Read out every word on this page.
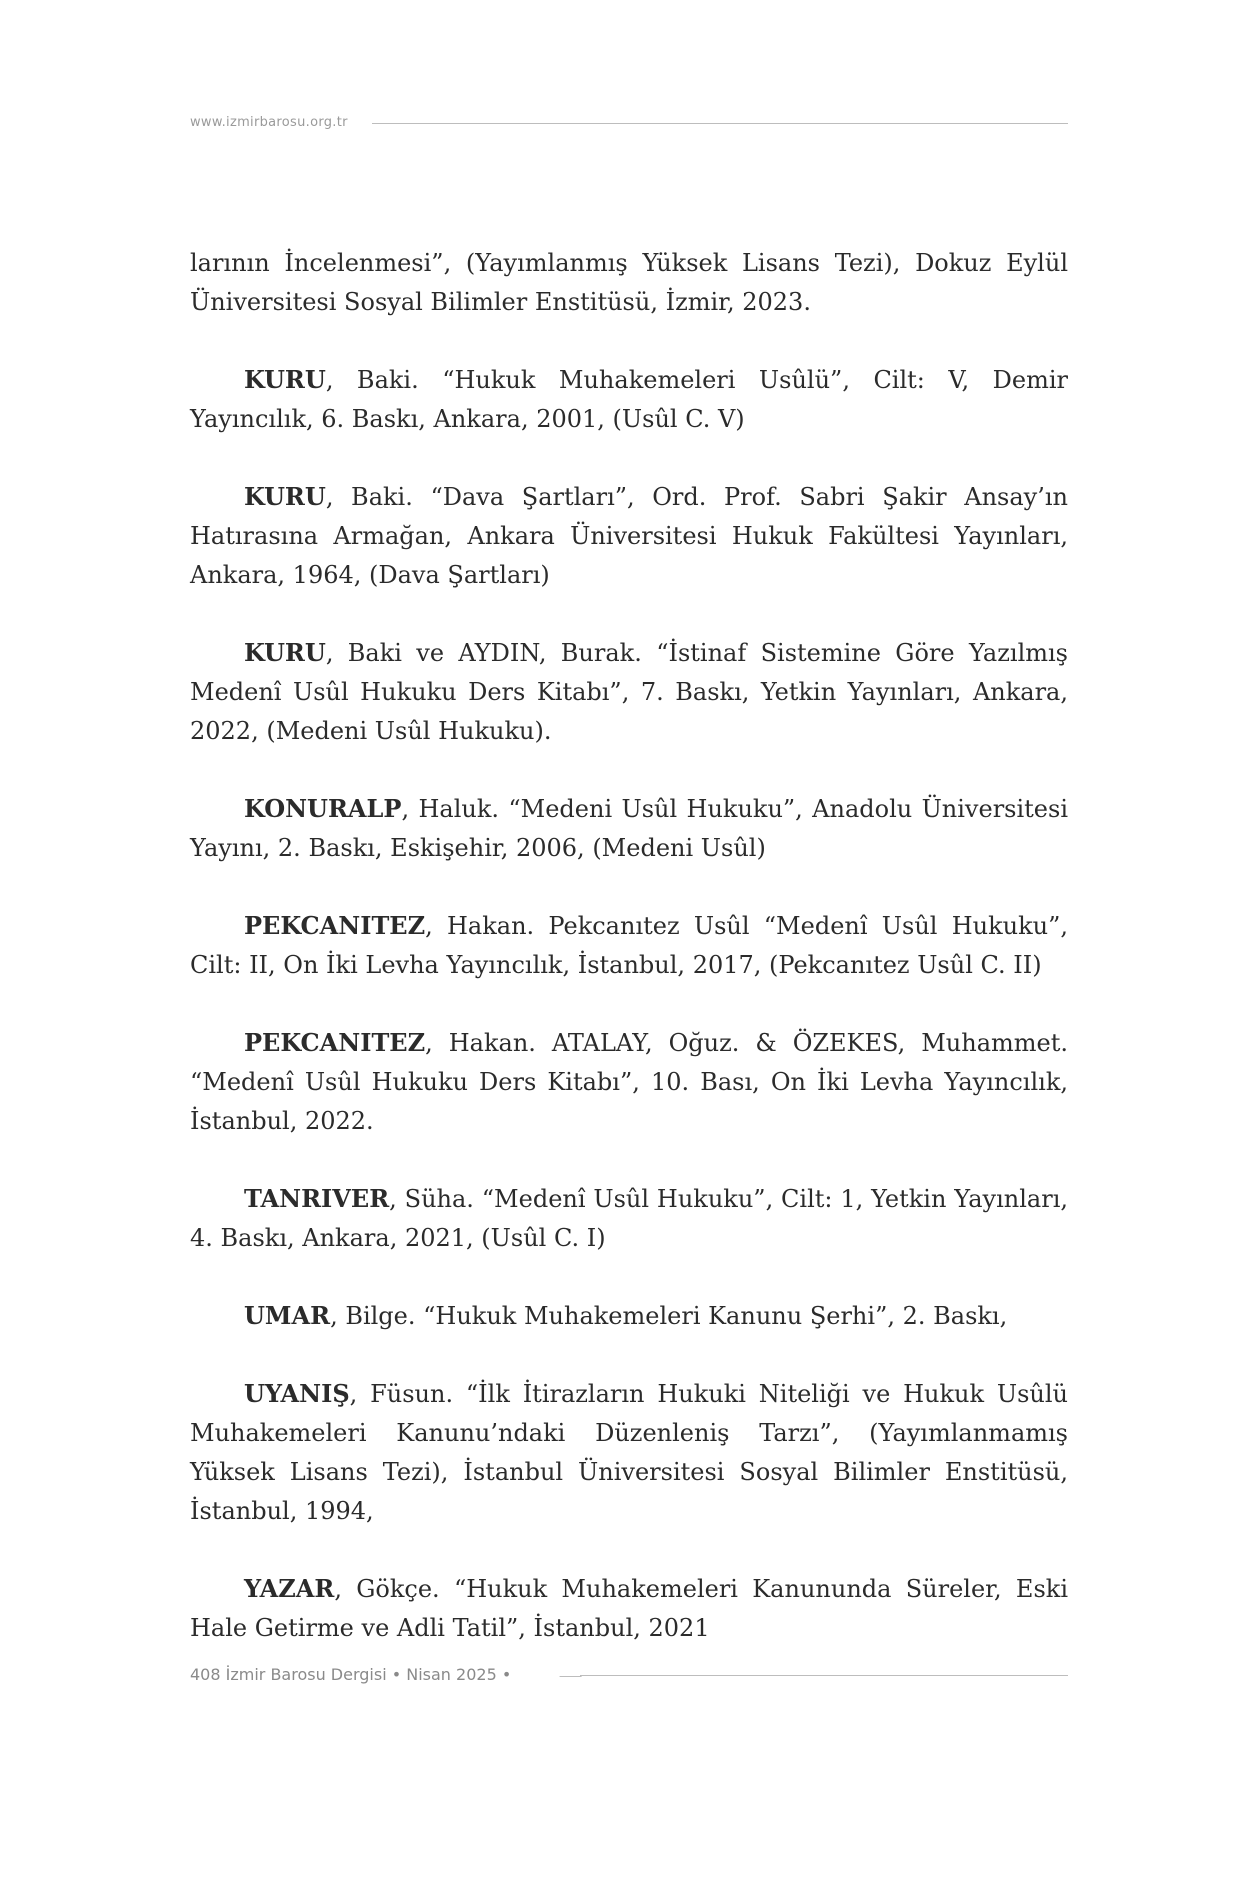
www.izmirbarosu.org.tr

larının İncelenmesi”, (Yayımlanmış Yüksek Lisans Tezi), Dokuz Eylül Üniversitesi Sosyal Bilimler Enstitüsü, İzmir, 2023.

KURU, Baki. “Hukuk Muhakemeleri Usûlü”, Cilt: V, Demir Yayıncılık, 6. Baskı, Ankara, 2001, (Usûl C. V)

KURU, Baki. “Dava Şartları”, Ord. Prof. Sabri Şakir Ansay’ın Hatırasına Armağan, Ankara Üniversitesi Hukuk Fakültesi Yayınları, Ankara, 1964, (Dava Şartları)

KURU, Baki ve AYDIN, Burak. “İstinaf Sistemine Göre Yazılmış Medenî Usûl Hukuku Ders Kitabı”, 7. Baskı, Yetkin Yayınları, Ankara, 2022, (Medeni Usûl Hukuku).

KONURALP, Haluk. “Medeni Usûl Hukuku”, Anadolu Üniversitesi Yayını, 2. Baskı, Eskişehir, 2006, (Medeni Usûl)

PEKCANITEZ, Hakan. Pekcanıtez Usûl “Medenî Usûl Hukuku”, Cilt: II, On İki Levha Yayıncılık, İstanbul, 2017, (Pekcanıtez Usûl C. II)

PEKCANITEZ, Hakan. ATALAY, Oğuz. & ÖZEKES, Muhammet. “Medenî Usûl Hukuku Ders Kitabı”, 10. Bası, On İki Levha Yayıncılık, İstanbul, 2022.

TANRIVER, Süha. “Medenî Usûl Hukuku”, Cilt: 1, Yetkin Yayınları, 4. Baskı, Ankara, 2021, (Usûl C. I)

UMAR, Bilge. “Hukuk Muhakemeleri Kanunu Şerhi”, 2. Baskı,

UYANIŞ, Füsun. “İlk İtirazların Hukuki Niteliği ve Hukuk Usûlü Muhakemeleri Kanunu’ndaki Düzenleniş Tarzı”, (Yayımlanmamış Yüksek Lisans Tezi), İstanbul Üniversitesi Sosyal Bilimler Enstitüsü, İstanbul, 1994,

YAZAR, Gökçe. “Hukuk Muhakemeleri Kanununda Süreler, Eski Hale Getirme ve Adli Tatil”, İstanbul, 2021

408 İzmir Barosu Dergisi • Nisan 2025 •
